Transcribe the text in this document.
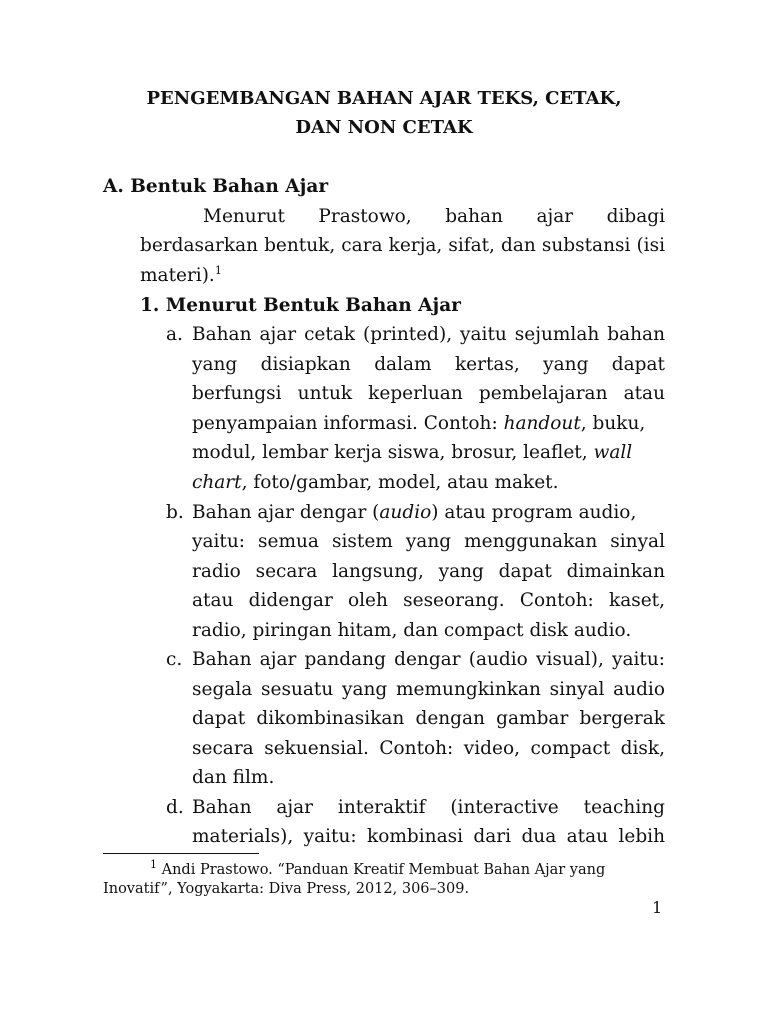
PENGEMBANGAN BAHAN AJAR TEKS, CETAK,
DAN NON CETAK
A. Bentuk Bahan Ajar
Menurut Prastowo, bahan ajar dibagi
berdasarkan bentuk, cara kerja, sifat, dan substansi (isi
materi).$^1$
1. Menurut Bentuk Bahan Ajar
a. Bahan ajar cetak (printed), yaitu sejumlah bahan
yang disiapkan dalam kertas, yang dapat
berfungsi untuk keperluan pembelajaran atau
penyampaian informasi. Contoh: handout, buku,
modul, lembar kerja siswa, brosur, leaflet, wall
chart, foto/gambar, model, atau maket.
b. Bahan ajar dengar (audio) atau program audio,
yaitu: semua sistem yang menggunakan sinyal
radio secara langsung, yang dapat dimainkan
atau didengar oleh seseorang. Contoh: kaset,
radio, piringan hitam, dan compact disk audio.
c. Bahan ajar pandang dengar (audio visual), yaitu:
segala sesuatu yang memungkinkan sinyal audio
dapat dikombinasikan dengan gambar bergerak
secara sekuensial. Contoh: video, compact disk,
dan film.
d. Bahan ajar interaktif (interactive teaching
materials), yaitu: kombinasi dari dua atau lebih
$^1$ Andi Prastowo. “Panduan Kreatif Membuat Bahan Ajar yang
Inovatif”, Yogyakarta: Diva Press, 2012, 306–309.
1
